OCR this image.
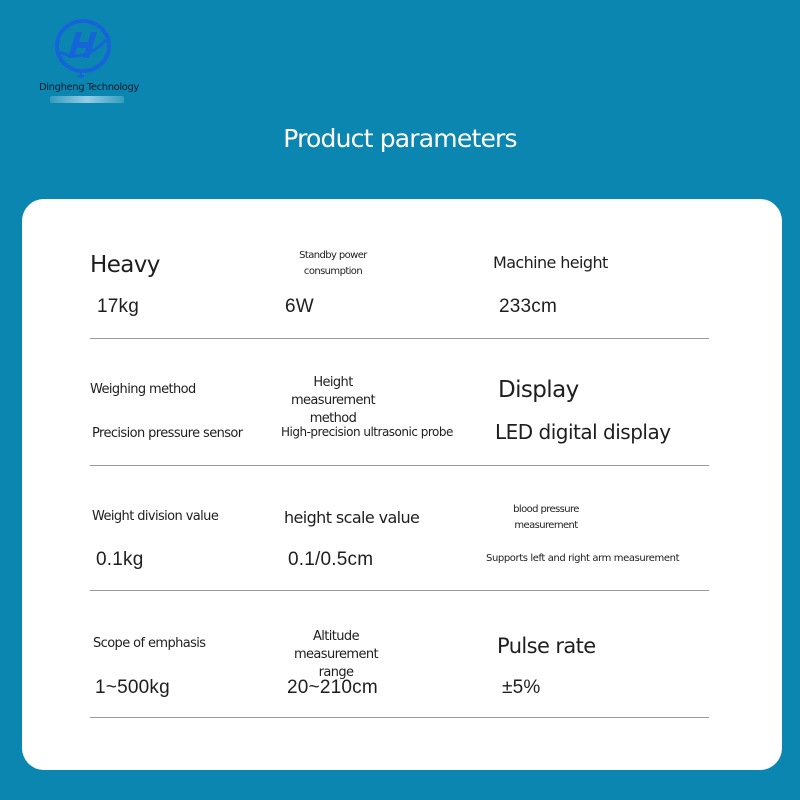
Dingheng Technology
Product parameters
Heavy
17kg
Standby power consumption
6W
Machine height
233cm
Weighing method
Precision pressure sensor
Height measurement method
High-precision ultrasonic probe
Display
LED digital display
Weight division value
0.1kg
height scale value
0.1/0.5cm
blood pressure measurement
Supports left and right arm measurement
Scope of emphasis
1~500kg
Altitude measurement range
20~210cm
Pulse rate
±5%
